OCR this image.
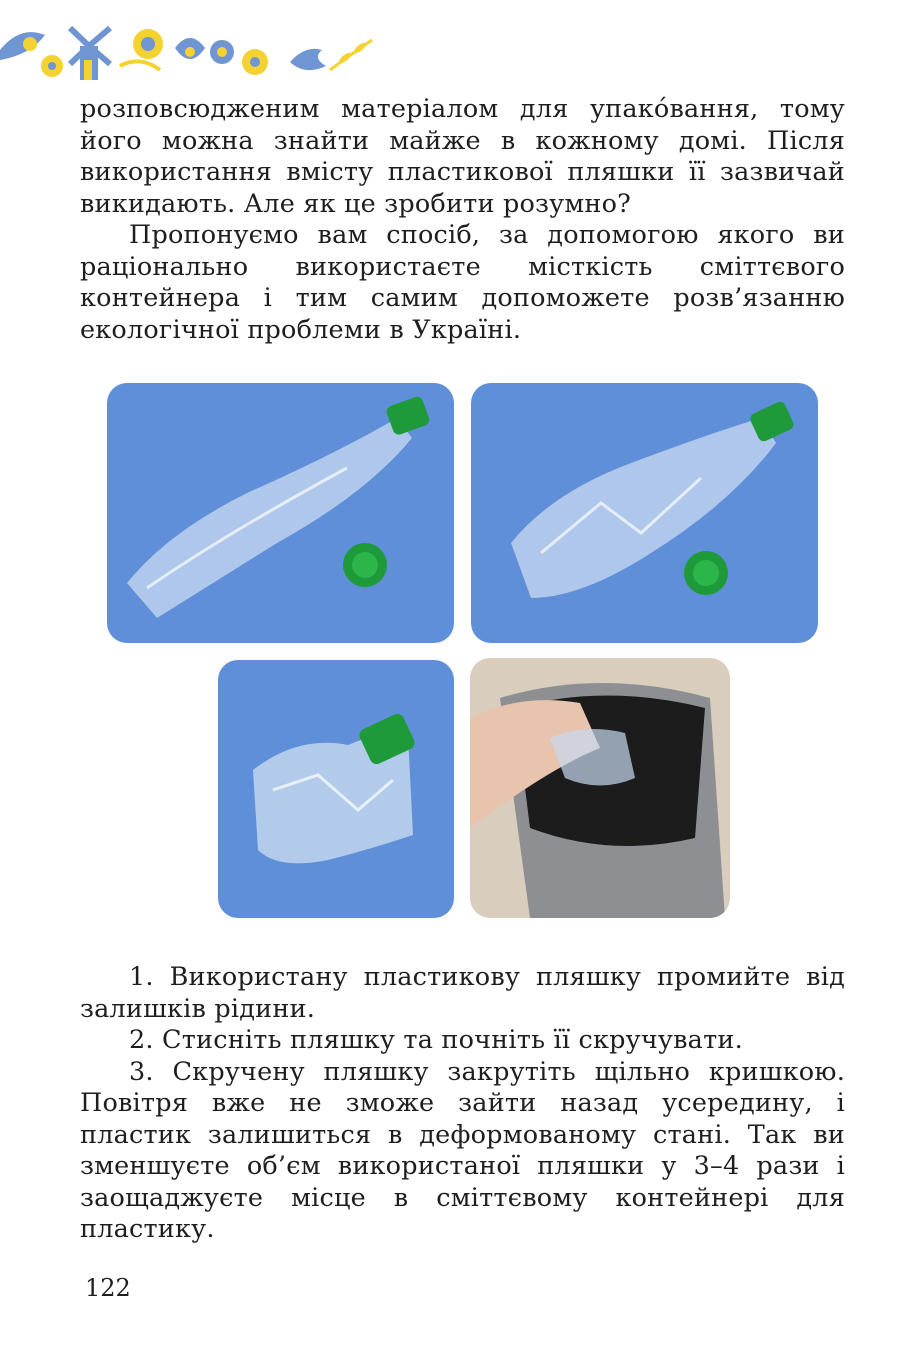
розповсюдженим матеріалом для упакóвання, тому його можна знайти майже в кожному домі. Після використання вмісту пластикової пляшки її зазвичай викидають. Але як це зробити розумно?

Пропонуємо вам спосіб, за допомогою якого ви раціонально використаєте місткість сміттєвого контейнера і тим самим допоможете розв’язанню екологічної проблеми в Україні.

1. Використану пластикову пляшку промийте від залишків рідини.

2. Стисніть пляшку та почніть її скручувати.

3. Скручену пляшку закрутіть щільно кришкою. Повітря вже не зможе зайти назад усередину, і пластик залишиться в деформованому стані. Так ви зменшуєте об’єм використаної пляшки у 3–4 рази і заощаджуєте місце в сміттєвому контейнері для пластику.

122
